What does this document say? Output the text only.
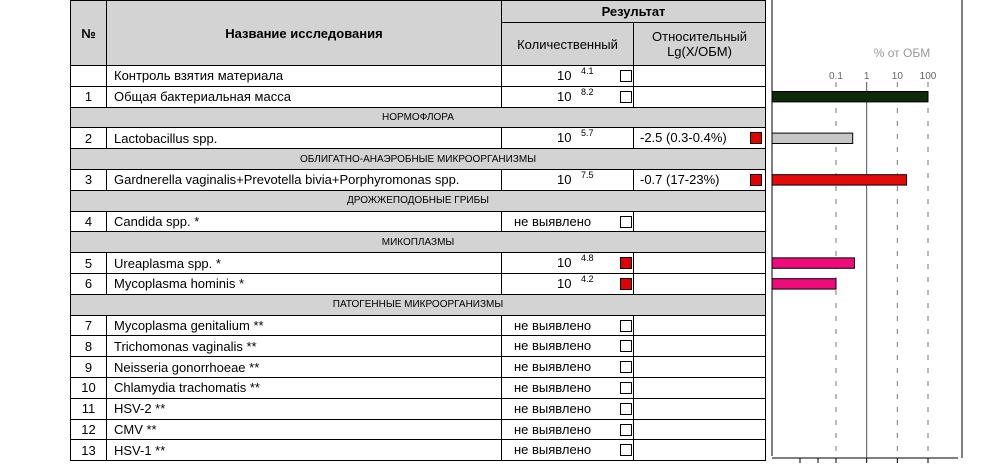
№	Название исследования	Результат	
		Количественный	Относительный
Lg(X/ОБМ)
	Контроль взятия материала	10 4.1	

1	Общая бактериальная масса	10 8.2	

НОРМОФЛОРА			
2	Lactobacillus spp.	10 5.7	-2.5 (0.3-0.4%)

ОБЛИГАТНО-АНАЭРОБНЫЕ МИКРООРГАНИЗМЫ			
3	Gardnerella vaginalis+Prevotella bivia+Porphyromonas spp.	10 7.5	-0.7 (17-23%)

ДРОЖЖЕПОДОБНЫЕ ГРИБЫ			
4	Candida spp. *	не выявлено	

МИКОПЛАЗМЫ			
5	Ureaplasma spp. *	10 4.8	

6	Mycoplasma hominis *	10 4.2	

ПАТОГЕННЫЕ МИКРООРГАНИЗМЫ			
7	Mycoplasma genitalium **	не выявлено	

8	Trichomonas vaginalis **	не выявлено	

9	Neisseria gonorrhoeae **	не выявлено	

10	Chlamydia trachomatis **	не выявлено	

11	HSV-2 **	не выявлено	

12	CMV **	не выявлено	

13	HSV-1 **	не выявлено	

% от ОБМ
0.1 1 10 100
